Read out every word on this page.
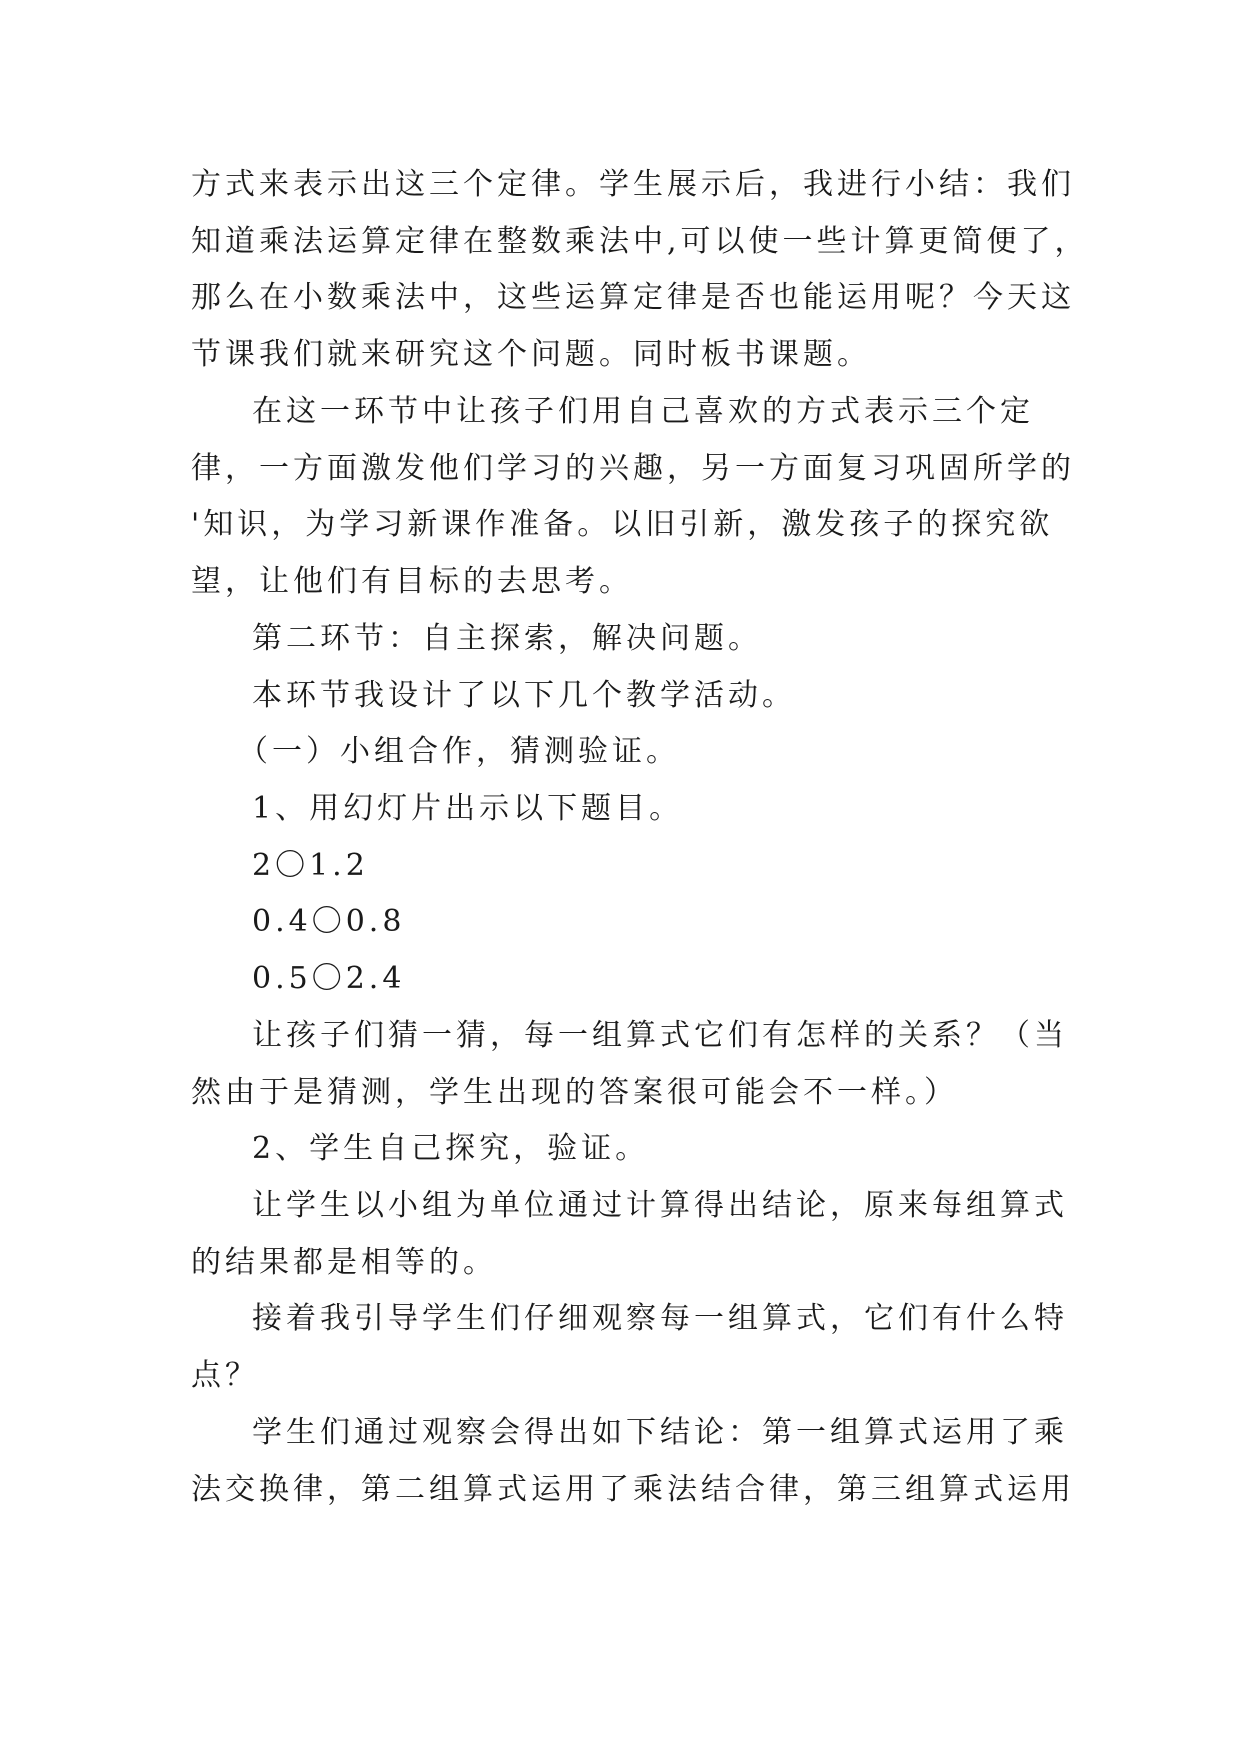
方式来表示出这三个定律。学生展示后，我进行小结：我们
知道乘法运算定律在整数乘法中,可以使一些计算更简便了，
那么在小数乘法中，这些运算定律是否也能运用呢？今天这
节课我们就来研究这个问题。同时板书课题。
在这一环节中让孩子们用自己喜欢的方式表示三个定
律，一方面激发他们学习的兴趣，另一方面复习巩固所学的
'知识，为学习新课作准备。以旧引新，激发孩子的探究欲
望，让他们有目标的去思考。
第二环节：自主探索，解决问题。
本环节我设计了以下几个教学活动。
（一）小组合作，猜测验证。
1、用幻灯片出示以下题目。
2〇1.2
0.4〇0.8
0.5〇2.4
让孩子们猜一猜，每一组算式它们有怎样的关系？（当
然由于是猜测，学生出现的答案很可能会不一样。）
2、学生自己探究，验证。
让学生以小组为单位通过计算得出结论，原来每组算式
的结果都是相等的。
接着我引导学生们仔细观察每一组算式，它们有什么特
点？
学生们通过观察会得出如下结论：第一组算式运用了乘
法交换律，第二组算式运用了乘法结合律，第三组算式运用
